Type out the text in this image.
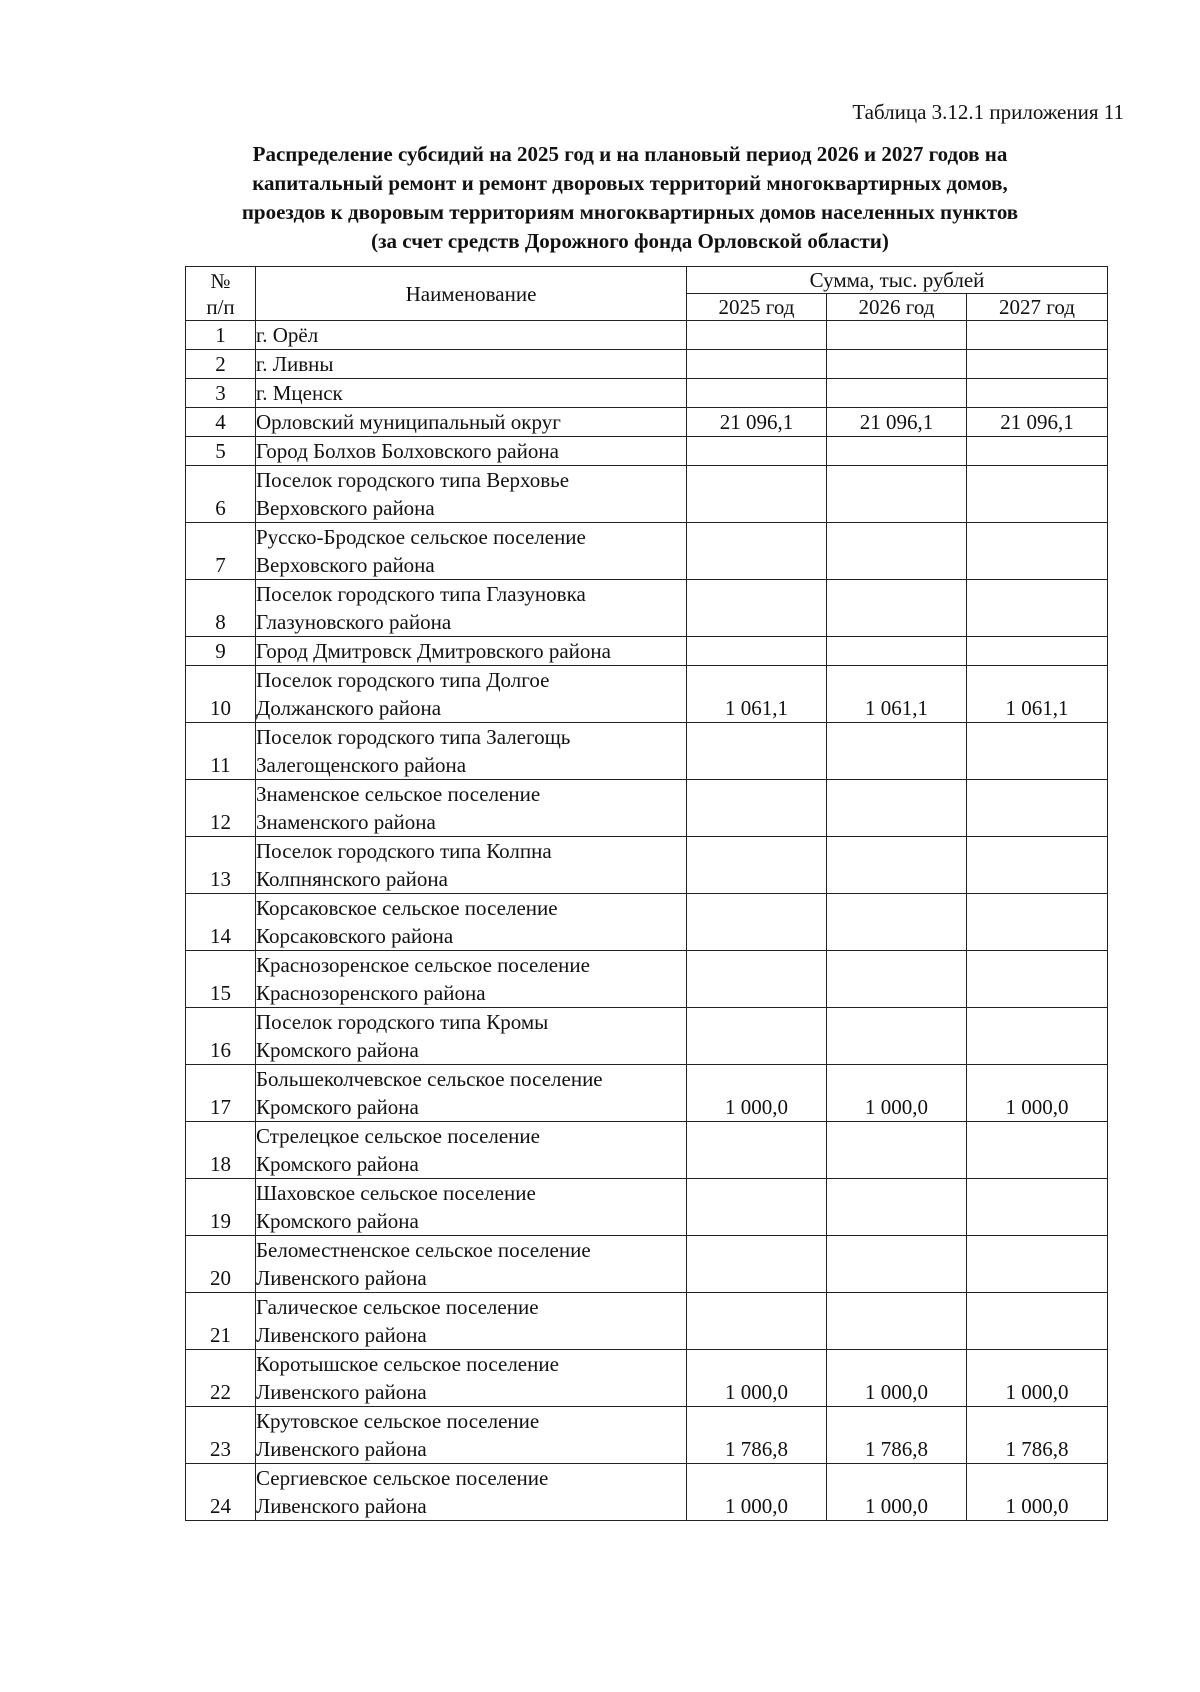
Таблица 3.12.1 приложения 11
Распределение субсидий на 2025 год и на плановый период 2026 и 2027 годов на
капитальный ремонт и ремонт дворовых территорий многоквартирных домов,
проездов к дворовым территориям многоквартирных домов населенных пунктов
(за счет средств Дорожного фонда Орловской области)
№
п/п	Наименование	Сумма, тыс. рублей		
		2025 год	2026 год	2027 год
1	г. Орёл			

2	г. Ливны			

3	г. Мценск			

4	Орловский муниципальный округ	21 096,1	21 096,1	21 096,1
5	Город Болхов Болховского района			

6	Поселок городского типа Верховье
Верховского района			

7	Русско-Бродское сельское поселение
Верховского района			

8	Поселок городского типа Глазуновка
Глазуновского района			

9	Город Дмитровск Дмитровского района			

10	Поселок городского типа Долгое
Должанского района	1 061,1	1 061,1	1 061,1
11	Поселок городского типа Залегощь
Залегощенского района			

12	Знаменское сельское поселение
Знаменского района			

13	Поселок городского типа Колпна
Колпнянского района			

14	Корсаковское сельское поселение
Корсаковского района			

15	Краснозоренское сельское поселение
Краснозоренского района			

16	Поселок городского типа Кромы
Кромского района			

17	Большеколчевское сельское поселение
Кромского района	1 000,0	1 000,0	1 000,0
18	Стрелецкое сельское поселение
Кромского района			

19	Шаховское сельское поселение
Кромского района			

20	Беломестненское сельское поселение
Ливенского района			

21	Галическое сельское поселение
Ливенского района			

22	Коротышское сельское поселение
Ливенского района	1 000,0	1 000,0	1 000,0
23	Крутовское сельское поселение
Ливенского района	1 786,8	1 786,8	1 786,8
24	Сергиевское сельское поселение
Ливенского района	1 000,0	1 000,0	1 000,0
